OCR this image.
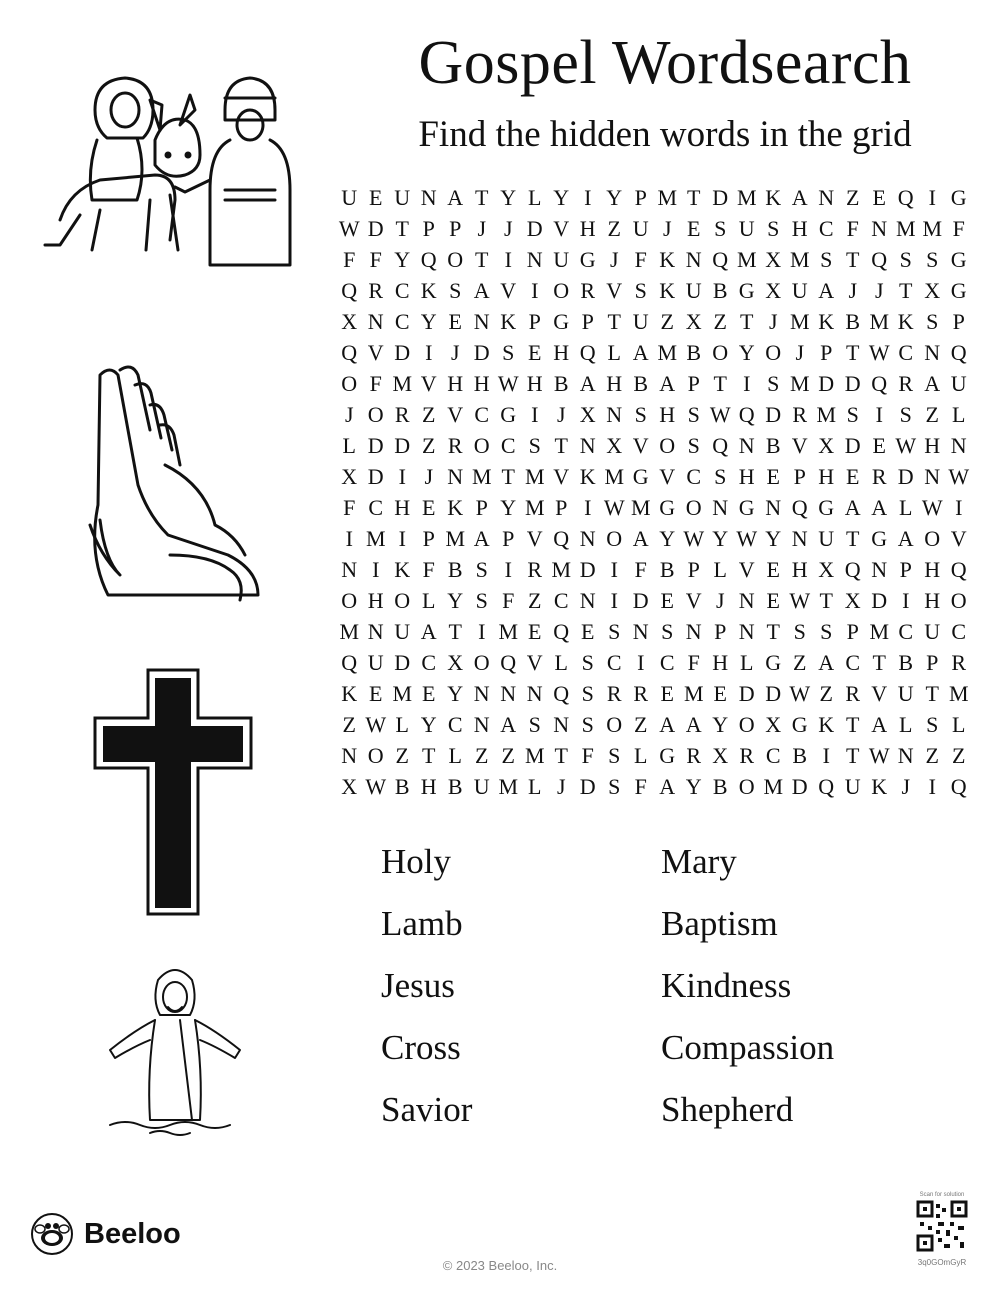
Gospel Wordsearch
Find the hidden words in the grid
U E U N A T Y L Y I Y P M T D M K A N Z E Q I G
W D T P P J J D V H Z U J E S U S H C F N M M F
F F Y Q O T I N U G J F K N Q M X M S T Q S S G
Q R C K S A V I O R V S K U B G X U A J J T X G
X N C Y E N K P G P T U Z X Z T J M K B M K S P
Q V D I J D S E H Q L A M B O Y O J P T W C N Q
O F M V H H W H B A H B A P T I S M D D Q R A U
J O R Z V C G I J X N S H S W Q D R M S I S Z L
L D D Z R O C S T N X V O S Q N B V X D E W H N
X D I J N M T M V K M G V C S H E P H E R D N W
F C H E K P Y M P I W M G O N G N Q G A A L W I
I M I P M A P V Q N O A Y W Y W Y N U T G A O V
N I K F B S I R M D I F B P L V E H X Q N P H Q
O H O L Y S F Z C N I D E V J N E W T X D I H O
M N U A T I M E Q E S N S N P N T S S P M C U C
Q U D C X O Q V L S C I C F H L G Z A C T B P R
K E M E Y N N N Q S R R E M E D D W Z R V U T M
Z W L Y C N A S N S O Z A A Y O X G K T A L S L
N O Z T L Z Z M T F S L G R X R C B I T W N Z Z
X W B H B U M L J D S F A Y B O M D Q U K J I Q
Holy	Mary
Lamb	Baptism
Jesus	Kindness
Cross	Compassion
Savior	Shepherd
Beeloo
© 2023 Beeloo, Inc.
Scan for solution
3q0GOmGyR
